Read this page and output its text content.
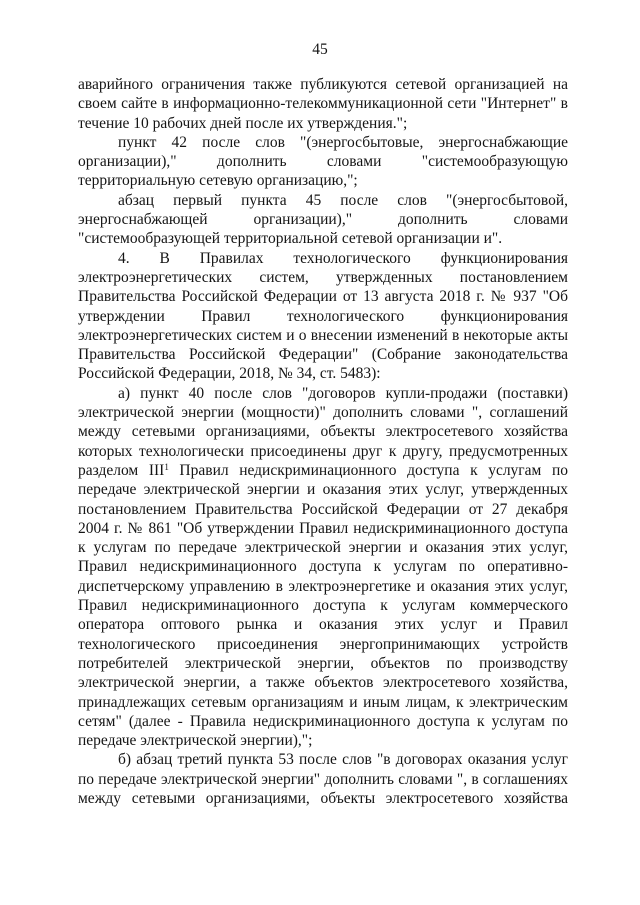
45

аварийного ограничения также публикуются сетевой организацией на своем сайте в информационно-телекоммуникационной сети "Интернет" в течение 10 рабочих дней после их утверждения.";

пункт 42 после слов "(энергосбытовые, энергоснабжающие организации)," дополнить словами "системообразующую территориальную сетевую организацию,";

абзац первый пункта 45 после слов "(энергосбытовой, энергоснабжающей организации)," дополнить словами "системообразующей территориальной сетевой организации и".

4. В Правилах технологического функционирования электроэнергетических систем, утвержденных постановлением Правительства Российской Федерации от 13 августа 2018 г. № 937 "Об утверждении Правил технологического функционирования электроэнергетических систем и о внесении изменений в некоторые акты Правительства Российской Федерации" (Собрание законодательства Российской Федерации, 2018, № 34, ст. 5483):

а) пункт 40 после слов "договоров купли-продажи (поставки) электрической энергии (мощности)" дополнить словами ", соглашений между сетевыми организациями, объекты электросетевого хозяйства которых технологически присоединены друг к другу, предусмотренных разделом III$^1$ Правил недискриминационного доступа к услугам по передаче электрической энергии и оказания этих услуг, утвержденных постановлением Правительства Российской Федерации от 27 декабря 2004 г. № 861 "Об утверждении Правил недискриминационного доступа к услугам по передаче электрической энергии и оказания этих услуг, Правил недискриминационного доступа к услугам по оперативно-диспетчерскому управлению в электроэнергетике и оказания этих услуг, Правил недискриминационного доступа к услугам коммерческого оператора оптового рынка и оказания этих услуг и Правил технологического присоединения энергопринимающих устройств потребителей электрической энергии, объектов по производству электрической энергии, а также объектов электросетевого хозяйства, принадлежащих сетевым организациям и иным лицам, к электрическим сетям" (далее - Правила недискриминационного доступа к услугам по передаче электрической энергии),";

б) абзац третий пункта 53 после слов "в договорах оказания услуг по передаче электрической энергии" дополнить словами ", в соглашениях между сетевыми организациями, объекты электросетевого хозяйства
